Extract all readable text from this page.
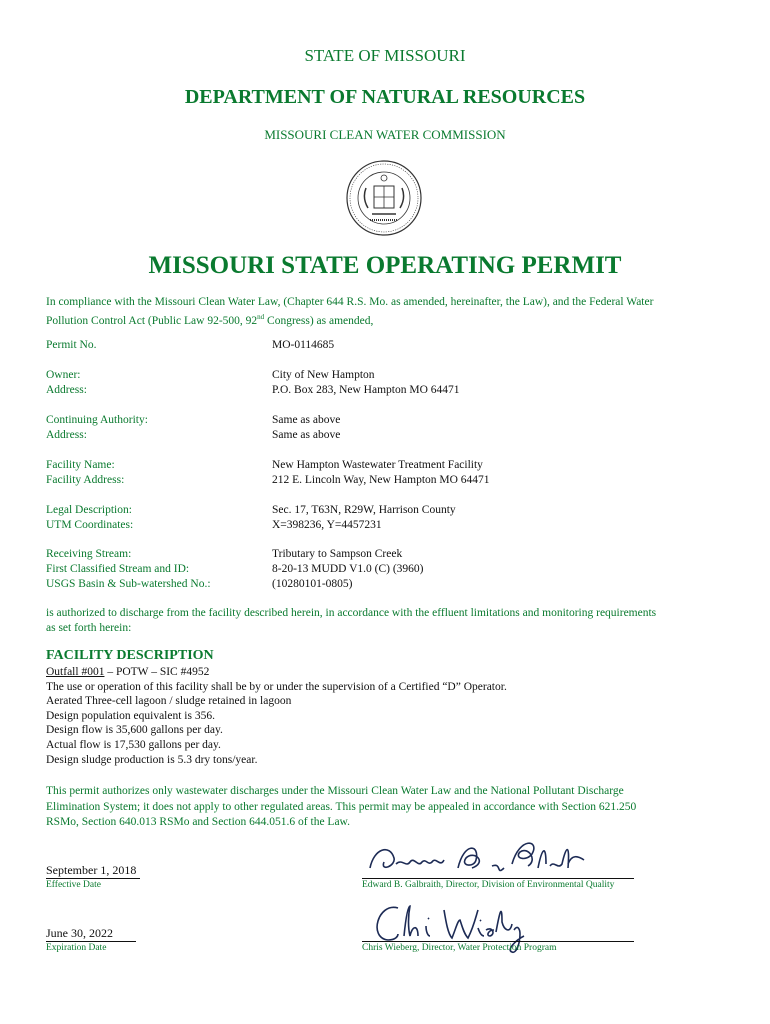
STATE OF MISSOURI
DEPARTMENT OF NATURAL RESOURCES
MISSOURI CLEAN WATER COMMISSION
MISSOURI STATE OPERATING PERMIT
In compliance with the Missouri Clean Water Law, (Chapter 644 R.S. Mo. as amended, hereinafter, the Law), and the Federal Water
Pollution Control Act (Public Law 92-500, 92nd Congress) as amended,
Permit No.	MO-0114685
Owner:	City of New Hampton
Address:	P.O. Box 283, New Hampton MO 64471
Continuing Authority:	Same as above
Address:	Same as above
Facility Name:	New Hampton Wastewater Treatment Facility
Facility Address:	212 E. Lincoln Way, New Hampton MO 64471
Legal Description:	Sec. 17, T63N, R29W, Harrison County
UTM Coordinates:	X=398236, Y=4457231
Receiving Stream:	Tributary to Sampson Creek
First Classified Stream and ID:	8-20-13 MUDD V1.0 (C) (3960)
USGS Basin & Sub-watershed No.:	(10280101-0805)
is authorized to discharge from the facility described herein, in accordance with the effluent limitations and monitoring requirements
as set forth herein:
FACILITY DESCRIPTION
Outfall #001 – POTW – SIC #4952
The use or operation of this facility shall be by or under the supervision of a Certified “D” Operator.
Aerated Three-cell lagoon / sludge retained in lagoon
Design population equivalent is 356.
Design flow is 35,600 gallons per day.
Actual flow is 17,530 gallons per day.
Design sludge production is 5.3 dry tons/year.
This permit authorizes only wastewater discharges under the Missouri Clean Water Law and the National Pollutant Discharge
Elimination System; it does not apply to other regulated areas. This permit may be appealed in accordance with Section 621.250
RSMo, Section 640.013 RSMo and Section 644.051.6 of the Law.
September 1, 2018
Effective Date	Edward B. Galbraith, Director, Division of Environmental Quality
June 30, 2022
Expiration Date	Chris Wieberg, Director, Water Protection Program
